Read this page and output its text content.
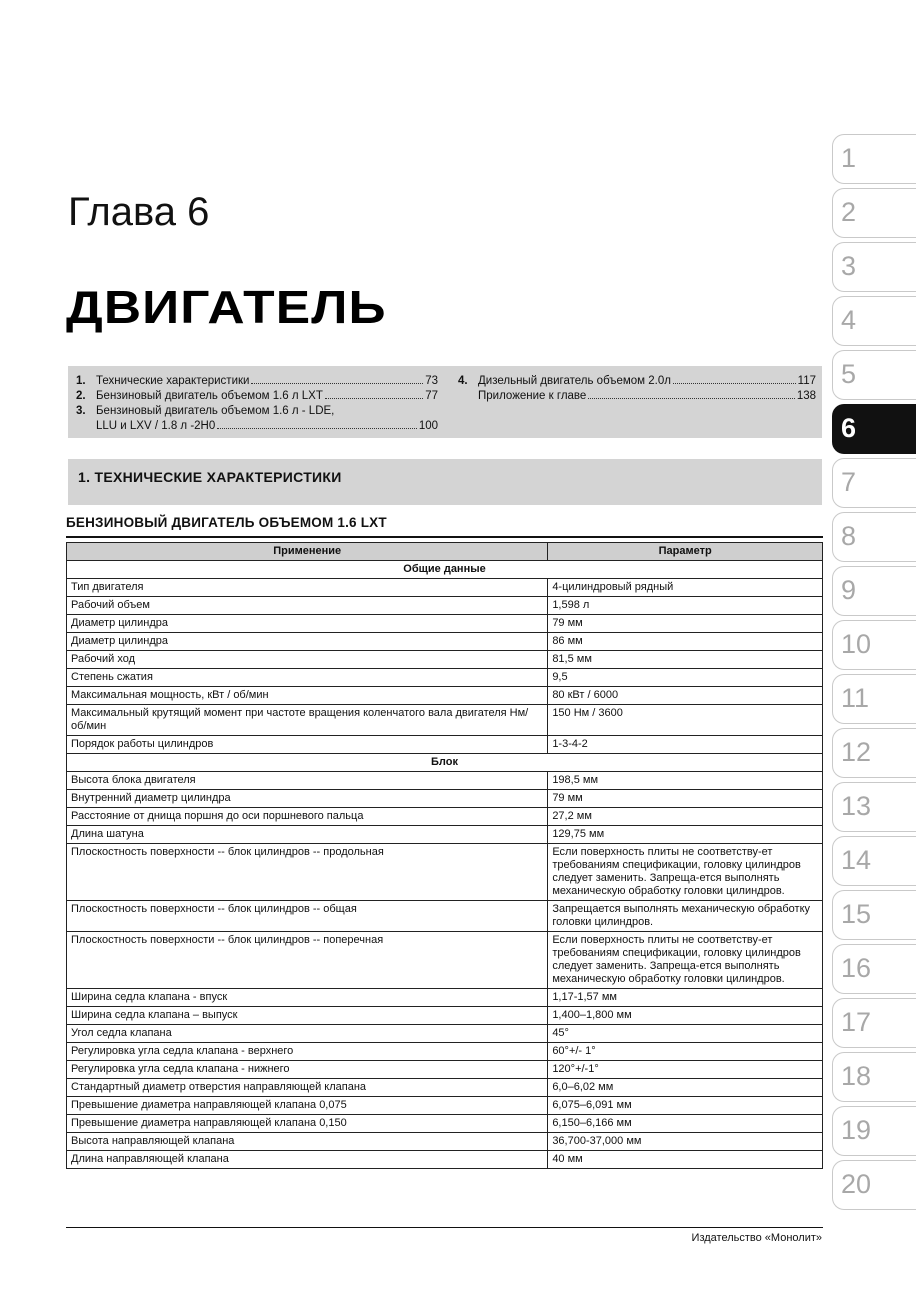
Глава 6
ДВИГАТЕЛЬ
1. Технические характеристики	73
2. Бензиновый двигатель объемом 1.6 л LXT	77
3. Бензиновый двигатель объемом 1.6 л - LDE,
LLU и LXV / 1.8 л -2H0	100
4. Дизельный двигатель объемом 2.0л	117
Приложение к главе	138
1. ТЕХНИЧЕСКИЕ ХАРАКТЕРИСТИКИ
БЕНЗИНОВЫЙ ДВИГАТЕЛЬ ОБЪЕМОМ 1.6 LXT
Применение	Параметр
Общие данные	
Тип двигателя	4-цилиндровый рядный
Рабочий объем	1,598 л
Диаметр цилиндра	79 мм
Диаметр цилиндра	86 мм
Рабочий ход	81,5 мм
Степень сжатия	9,5
Максимальная мощность, кВт / об/мин	80 кВт / 6000
Максимальный крутящий момент при частоте вращения коленчатого вала двигателя Нм/об/мин	150 Нм / 3600
Порядок работы цилиндров	1-3-4-2
Блок	
Высота блока двигателя	198,5 мм
Внутренний диаметр цилиндра	79 мм
Расстояние от днища поршня до оси поршневого пальца	27,2 мм
Длина шатуна	129,75 мм
Плоскостность поверхности -- блок цилиндров -- продольная	Если поверхность плиты не соответству-ет требованиям спецификации, головку цилиндров следует заменить. Запреща-ется выполнять механическую обработку головки цилиндров.
Плоскостность поверхности -- блок цилиндров -- общая	Запрещается выполнять механическую обработку головки цилиндров.
Плоскостность поверхности -- блок цилиндров -- поперечная	Если поверхность плиты не соответству-ет требованиям спецификации, головку цилиндров следует заменить. Запреща-ется выполнять механическую обработку головки цилиндров.
Ширина седла клапана - впуск	1,17-1,57 мм
Ширина седла клапана – выпуск	1,400–1,800 мм
Угол седла клапана	45°
Регулировка угла седла клапана - верхнего	60°+/- 1°
Регулировка угла седла клапана - нижнего	120°+/-1°
Стандартный диаметр отверстия направляющей клапана	6,0–6,02 мм
Превышение диаметра направляющей клапана 0,075	6,075–6,091 мм
Превышение диаметра направляющей клапана 0,150	6,150–6,166 мм
Высота направляющей клапана	36,700-37,000 мм
Длина направляющей клапана	40 мм
Издательство «Монолит»
1
2
3
4
5
6
7
8
9
10
11
12
13
14
15
16
17
18
19
20
